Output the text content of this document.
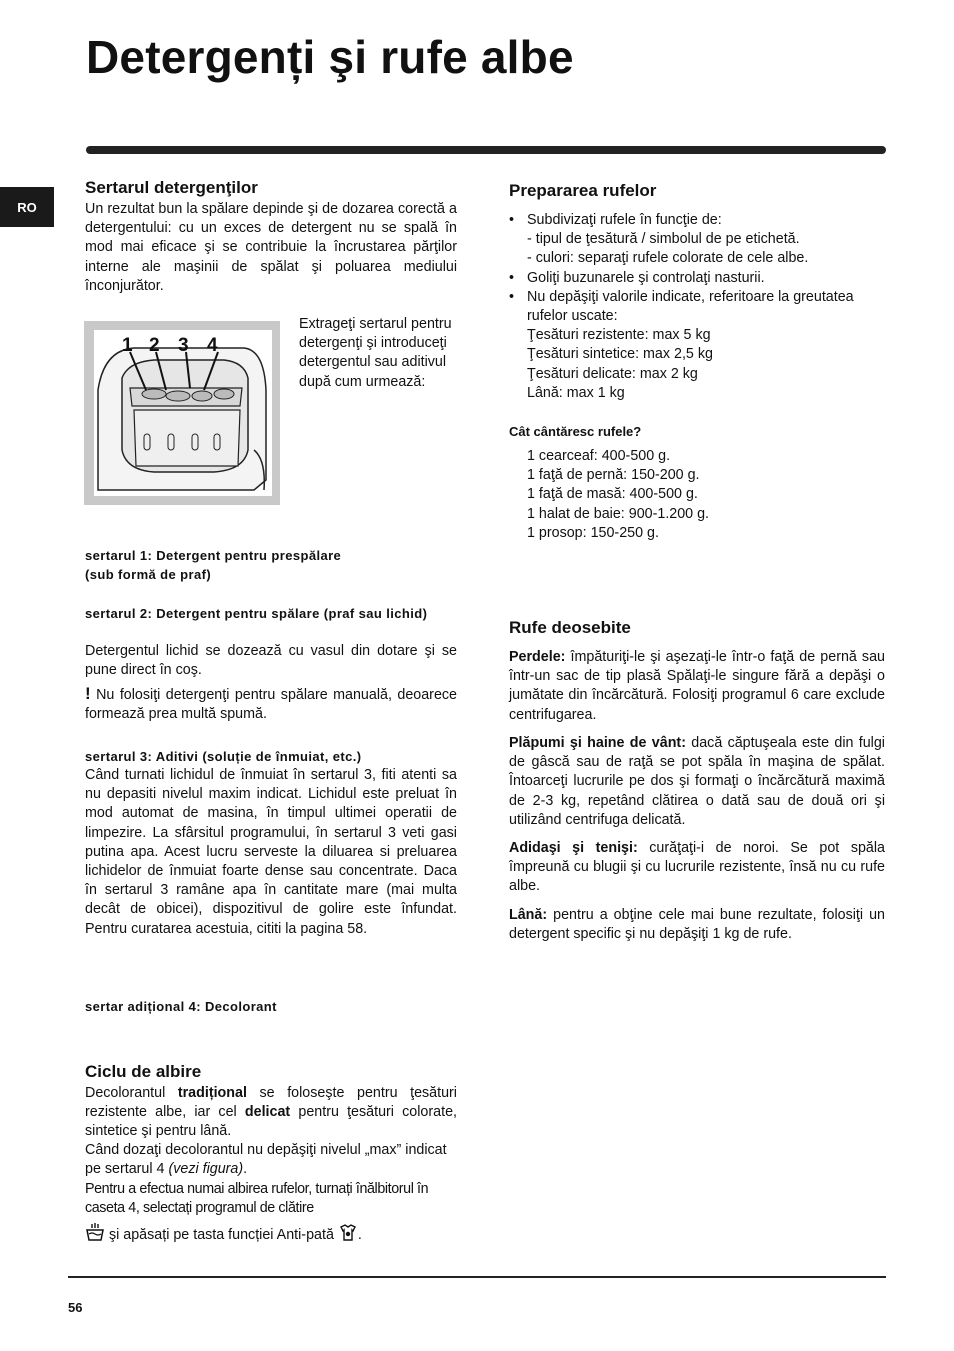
Detergenți şi rufe albe
RO
Sertarul detergenţilor

Un rezultat bun la spălare depinde şi de dozarea corectă a detergentului: cu un exces de detergent nu se spală în mod mai eficace şi se contribuie la încrustarea părţilor interne ale maşinii de spălat şi poluarea mediului înconjurător.

1 2 3 4

Extrageţi sertarul pentru detergenţi şi introduceţi detergentul sau aditivul după cum urmează:

sertarul 1: Detergent pentru prespălare
(sub formă de praf)
sertarul 2: Detergent pentru spălare (praf sau lichid)

Detergentul lichid se dozează cu vasul din dotare şi se pune direct în coş.

! Nu folosiţi detergenţi pentru spălare manuală, deoarece formează prea multă spumă.

sertarul 3: Aditivi (soluție de înmuiat, etc.)

Când turnati lichidul de înmuiat în sertarul 3, fiti atenti sa nu depasiti nivelul maxim indicat. Lichidul este preluat în mod automat de masina, în timpul ultimei operatii de limpezire. La sfârsitul programului, în sertarul 3 veti gasi putina apa. Acest lucru serveste la diluarea si preluarea lichidelor de înmuiat foarte dense sau concentrate. Daca în sertarul 3 ramâne apa în cantitate mare (mai multa decât de obicei), dispozitivul de golire este înfundat. Pentru curatarea acestuia, cititi la pagina 58.

sertar adițional 4: Decolorant
Ciclu de albire

Decolorantul tradițional se foloseşte pentru ţesături rezistente albe, iar cel delicat pentru ţesături colorate, sintetice şi pentru lână.

Când dozaţi decolorantul nu depăşiţi nivelul „max” indicat pe sertarul 4 (vezi figura).

Pentru a efectua numai albirea rufelor, turnați înălbitorul în caseta 4, selectați programul de clătire

şi apăsați pe tasta funcției Anti-pată .

Prepararea rufelor
• Subdivizaţi rufele în funcţie de:
- tipul de ţesătură / simbolul de pe etichetă.
- culori: separaţi rufele colorate de cele albe.
• Goliţi buzunarele şi controlaţi nasturii.
• Nu depăşiţi valorile indicate, referitoare la greutatea rufelor uscate:
Ţesături rezistente: max 5 kg
Ţesături sintetice: max 2,5 kg
Ţesături delicate: max 2 kg
Lână: max 1 kg
Cât cântăresc rufele?
1 cearceaf: 400-500 g.
1 faţă de pernă: 150-200 g.
1 faţă de masă: 400-500 g.
1 halat de baie: 900-1.200 g.
1 prosop: 150-250 g.
Rufe deosebite

Perdele: împăturiţi-le şi aşezaţi-le într-o faţă de pernă sau într-un sac de tip plasă Spălaţi-le singure fără a depăşi o jumătate din încărcătură. Folosiţi programul 6 care exclude centrifugarea.

Plăpumi şi haine de vânt: dacă căptuşeala este din fulgi de gâscă sau de raţă se pot spăla în maşina de spălat. Întoarceţi lucrurile pe dos şi formaţi o încărcătură maximă de 2-3 kg, repetând clătirea o dată sau de două ori şi utilizând centrifuga delicată.

Adidaşi şi tenişi: curăţaţi-i de noroi. Se pot spăla împreună cu blugii şi cu lucrurile rezistente, însă nu cu rufe albe.

Lână: pentru a obţine cele mai bune rezultate, folosiţi un detergent specific şi nu depăşiţi 1 kg de rufe.

56
